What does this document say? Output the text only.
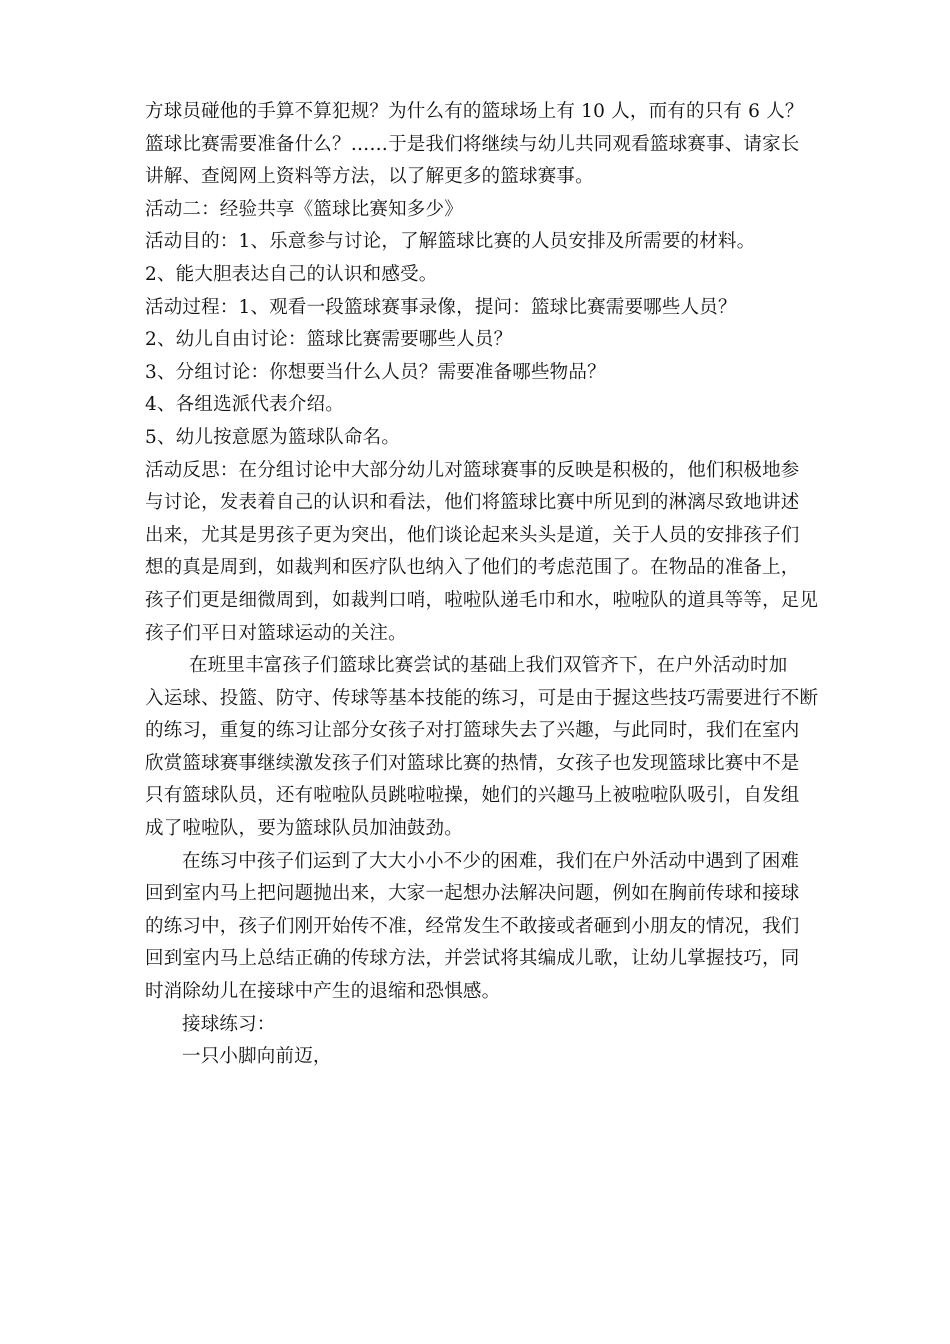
方球员碰他的手算不算犯规？为什么有的篮球场上有 10 人，而有的只有 6 人？
篮球比赛需要准备什么？……于是我们将继续与幼儿共同观看篮球赛事、请家长
讲解、查阅网上资料等方法，以了解更多的篮球赛事。
活动二：经验共享《篮球比赛知多少》
活动目的：1、乐意参与讨论，了解篮球比赛的人员安排及所需要的材料。
2、能大胆表达自己的认识和感受。
活动过程：1、观看一段篮球赛事录像，提问：篮球比赛需要哪些人员？
2、幼儿自由讨论：篮球比赛需要哪些人员？
3、分组讨论：你想要当什么人员？需要准备哪些物品？
4、各组选派代表介绍。
5、幼儿按意愿为篮球队命名。
活动反思：在分组讨论中大部分幼儿对篮球赛事的反映是积极的，他们积极地参
与讨论，发表着自己的认识和看法，他们将篮球比赛中所见到的淋漓尽致地讲述
出来，尤其是男孩子更为突出，他们谈论起来头头是道，关于人员的安排孩子们
想的真是周到，如裁判和医疗队也纳入了他们的考虑范围了。在物品的准备上，
孩子们更是细微周到，如裁判口哨，啦啦队递毛巾和水，啦啦队的道具等等，足见
孩子们平日对篮球运动的关注。
在班里丰富孩子们篮球比赛尝试的基础上我们双管齐下，在户外活动时加
入运球、投篮、防守、传球等基本技能的练习，可是由于握这些技巧需要进行不断
的练习，重复的练习让部分女孩子对打篮球失去了兴趣，与此同时，我们在室内
欣赏篮球赛事继续激发孩子们对篮球比赛的热情，女孩子也发现篮球比赛中不是
只有篮球队员，还有啦啦队员跳啦啦操，她们的兴趣马上被啦啦队吸引，自发组
成了啦啦队，要为篮球队员加油鼓劲。
在练习中孩子们运到了大大小小不少的困难，我们在户外活动中遇到了困难
回到室内马上把问题抛出来，大家一起想办法解决问题，例如在胸前传球和接球
的练习中，孩子们刚开始传不准，经常发生不敢接或者砸到小朋友的情况，我们
回到室内马上总结正确的传球方法，并尝试将其编成儿歌，让幼儿掌握技巧，同
时消除幼儿在接球中产生的退缩和恐惧感。
接球练习：
一只小脚向前迈，
